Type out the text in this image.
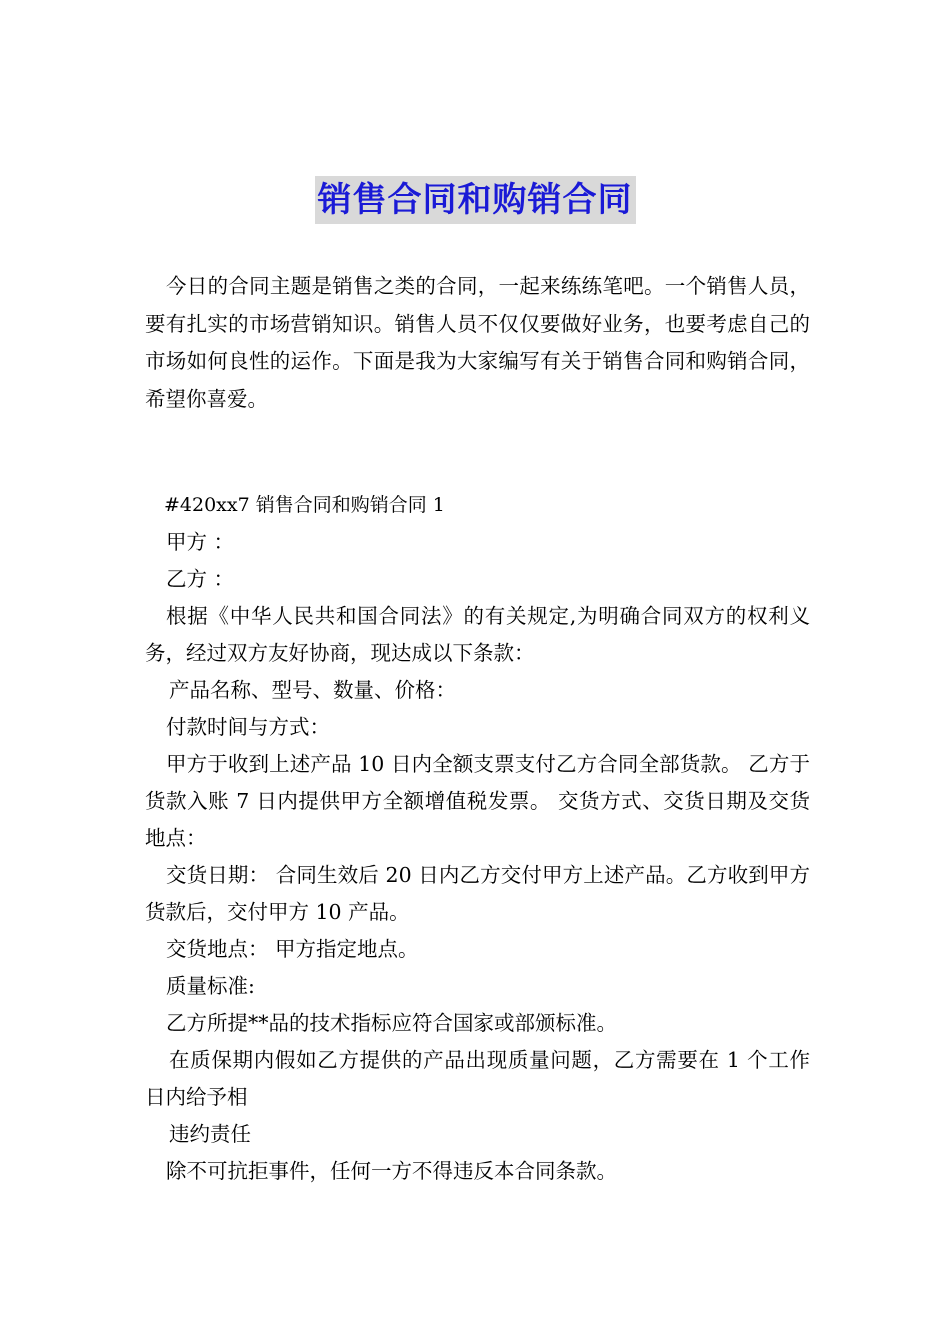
销售合同和购销合同

今日的合同主题是销售之类的合同，一起来练练笔吧。一个销售人员， 要有扎实的市场营销知识。销售人员不仅仅要做好业务，也要考虑自己的市场如何良性的运作。下面是我为大家编写有关于销售合同和购销合同，希望你喜爱。

#420xx7 销售合同和购销合同 1

甲方 ：

乙方 ：

根据《中华人民共和国合同法》的有关规定,为明确合同双方的权利义务，经过双方友好协商，现达成以下条款：

产品名称、型号、数量、价格：

付款时间与方式：

甲方于收到上述产品 10 日内全额支票支付乙方合同全部货款。 乙方于货款入账 7 日内提供甲方全额增值税发票。 交货方式、交货日期及交货地点：

交货日期： 合同生效后 20 日内乙方交付甲方上述产品。乙方收到甲方货款后，交付甲方 10 产品。

交货地点： 甲方指定地点。

质量标准:

乙方所提**品的技术指标应符合国家或部颁标准。

在质保期内假如乙方提供的产品出现质量问题，乙方需要在 1 个工作日内给予相

违约责任

除不可抗拒事件，任何一方不得违反本合同条款。
